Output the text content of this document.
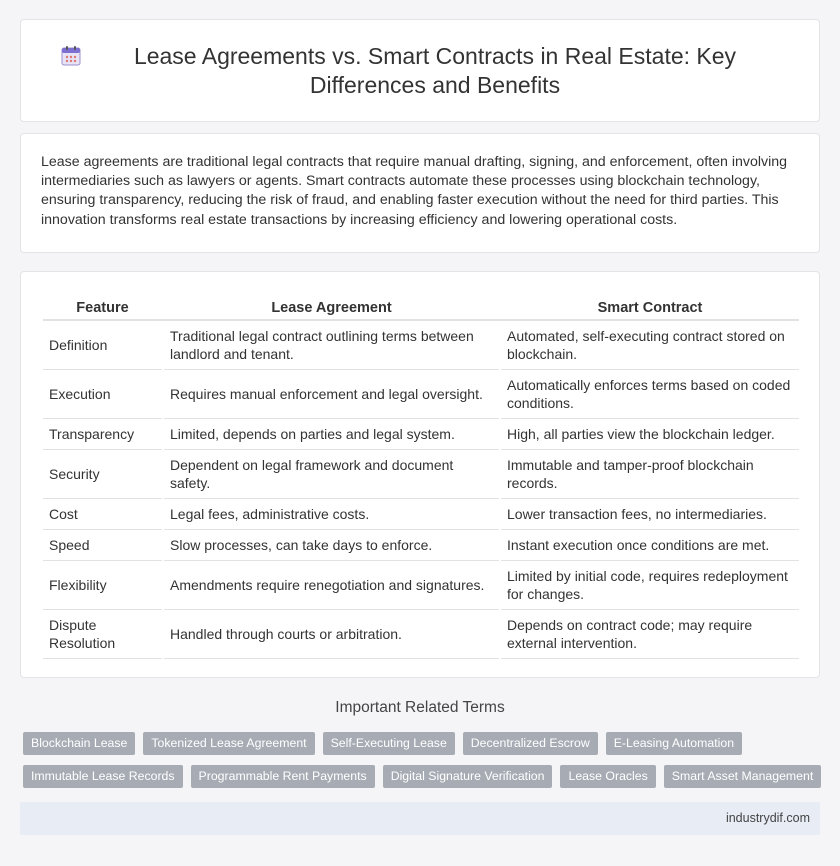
Lease Agreements vs. Smart Contracts in Real Estate: Key Differences and Benefits

Lease agreements are traditional legal contracts that require manual drafting, signing, and enforcement, often involving intermediaries such as lawyers or agents. Smart contracts automate these processes using blockchain technology, ensuring transparency, reducing the risk of fraud, and enabling faster execution without the need for third parties. This innovation transforms real estate transactions by increasing efficiency and lowering operational costs.

Feature	Lease Agreement	Smart Contract
Definition	Traditional legal contract outlining terms between landlord and tenant.	Automated, self-executing contract stored on blockchain.
Execution	Requires manual enforcement and legal oversight.	Automatically enforces terms based on coded conditions.
Transparency	Limited, depends on parties and legal system.	High, all parties view the blockchain ledger.
Security	Dependent on legal framework and document safety.	Immutable and tamper-proof blockchain records.
Cost	Legal fees, administrative costs.	Lower transaction fees, no intermediaries.
Speed	Slow processes, can take days to enforce.	Instant execution once conditions are met.
Flexibility	Amendments require renegotiation and signatures.	Limited by initial code, requires redeployment for changes.
Dispute Resolution	Handled through courts or arbitration.	Depends on contract code; may require external intervention.
Important Related Terms
Blockchain Lease	Tokenized Lease Agreement	Self-Executing Lease	Decentralized Escrow	E-Leasing Automation
Immutable Lease Records	Programmable Rent Payments	Digital Signature Verification	Lease Oracles	Smart Asset Management
industrydif.com
